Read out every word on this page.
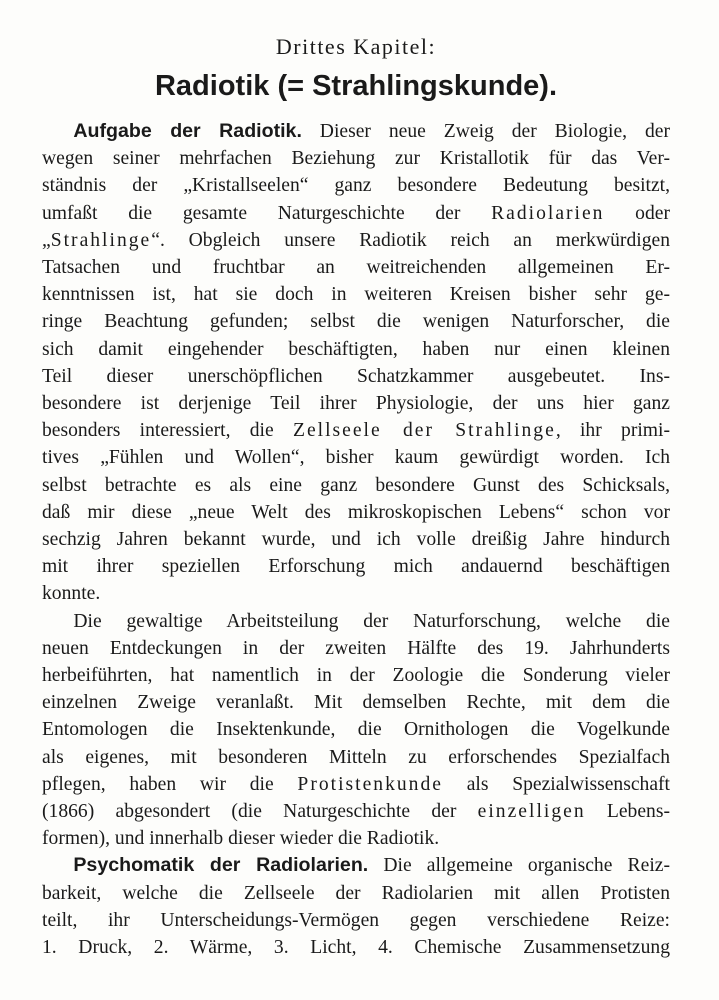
Drittes Kapitel:
Radiotik (= Strahlingskunde).
Aufgabe der Radiotik. Dieser neue Zweig der Biologie, der
wegen seiner mehrfachen Beziehung zur Kristallotik für das Ver-
ständnis der „Kristallseelen“ ganz besondere Bedeutung besitzt,
umfaßt die gesamte Naturgeschichte der Radiolarien oder
„Strahlinge“. Obgleich unsere Radiotik reich an merkwürdigen
Tatsachen und fruchtbar an weitreichenden allgemeinen Er-
kenntnissen ist, hat sie doch in weiteren Kreisen bisher sehr ge-
ringe Beachtung gefunden; selbst die wenigen Naturforscher, die
sich damit eingehender beschäftigten, haben nur einen kleinen
Teil dieser unerschöpflichen Schatzkammer ausgebeutet. Ins-
besondere ist derjenige Teil ihrer Physiologie, der uns hier ganz
besonders interessiert, die Zellseele der Strahlinge, ihr primi-
tives „Fühlen und Wollen“, bisher kaum gewürdigt worden. Ich
selbst betrachte es als eine ganz besondere Gunst des Schicksals,
daß mir diese „neue Welt des mikroskopischen Lebens“ schon vor
sechzig Jahren bekannt wurde, und ich volle dreißig Jahre hindurch
mit ihrer speziellen Erforschung mich andauernd beschäftigen
konnte.
Die gewaltige Arbeitsteilung der Naturforschung, welche die
neuen Entdeckungen in der zweiten Hälfte des 19. Jahrhunderts
herbeiführten, hat namentlich in der Zoologie die Sonderung vieler
einzelnen Zweige veranlaßt. Mit demselben Rechte, mit dem die
Entomologen die Insektenkunde, die Ornithologen die Vogelkunde
als eigenes, mit besonderen Mitteln zu erforschendes Spezialfach
pflegen, haben wir die Protistenkunde als Spezialwissenschaft
(1866) abgesondert (die Naturgeschichte der einzelligen Lebens-
formen), und innerhalb dieser wieder die Radiotik.
Psychomatik der Radiolarien. Die allgemeine organische Reiz-
barkeit, welche die Zellseele der Radiolarien mit allen Protisten
teilt, ihr Unterscheidungs-Vermögen gegen verschiedene Reize:
1. Druck, 2. Wärme, 3. Licht, 4. Chemische Zusammensetzung
